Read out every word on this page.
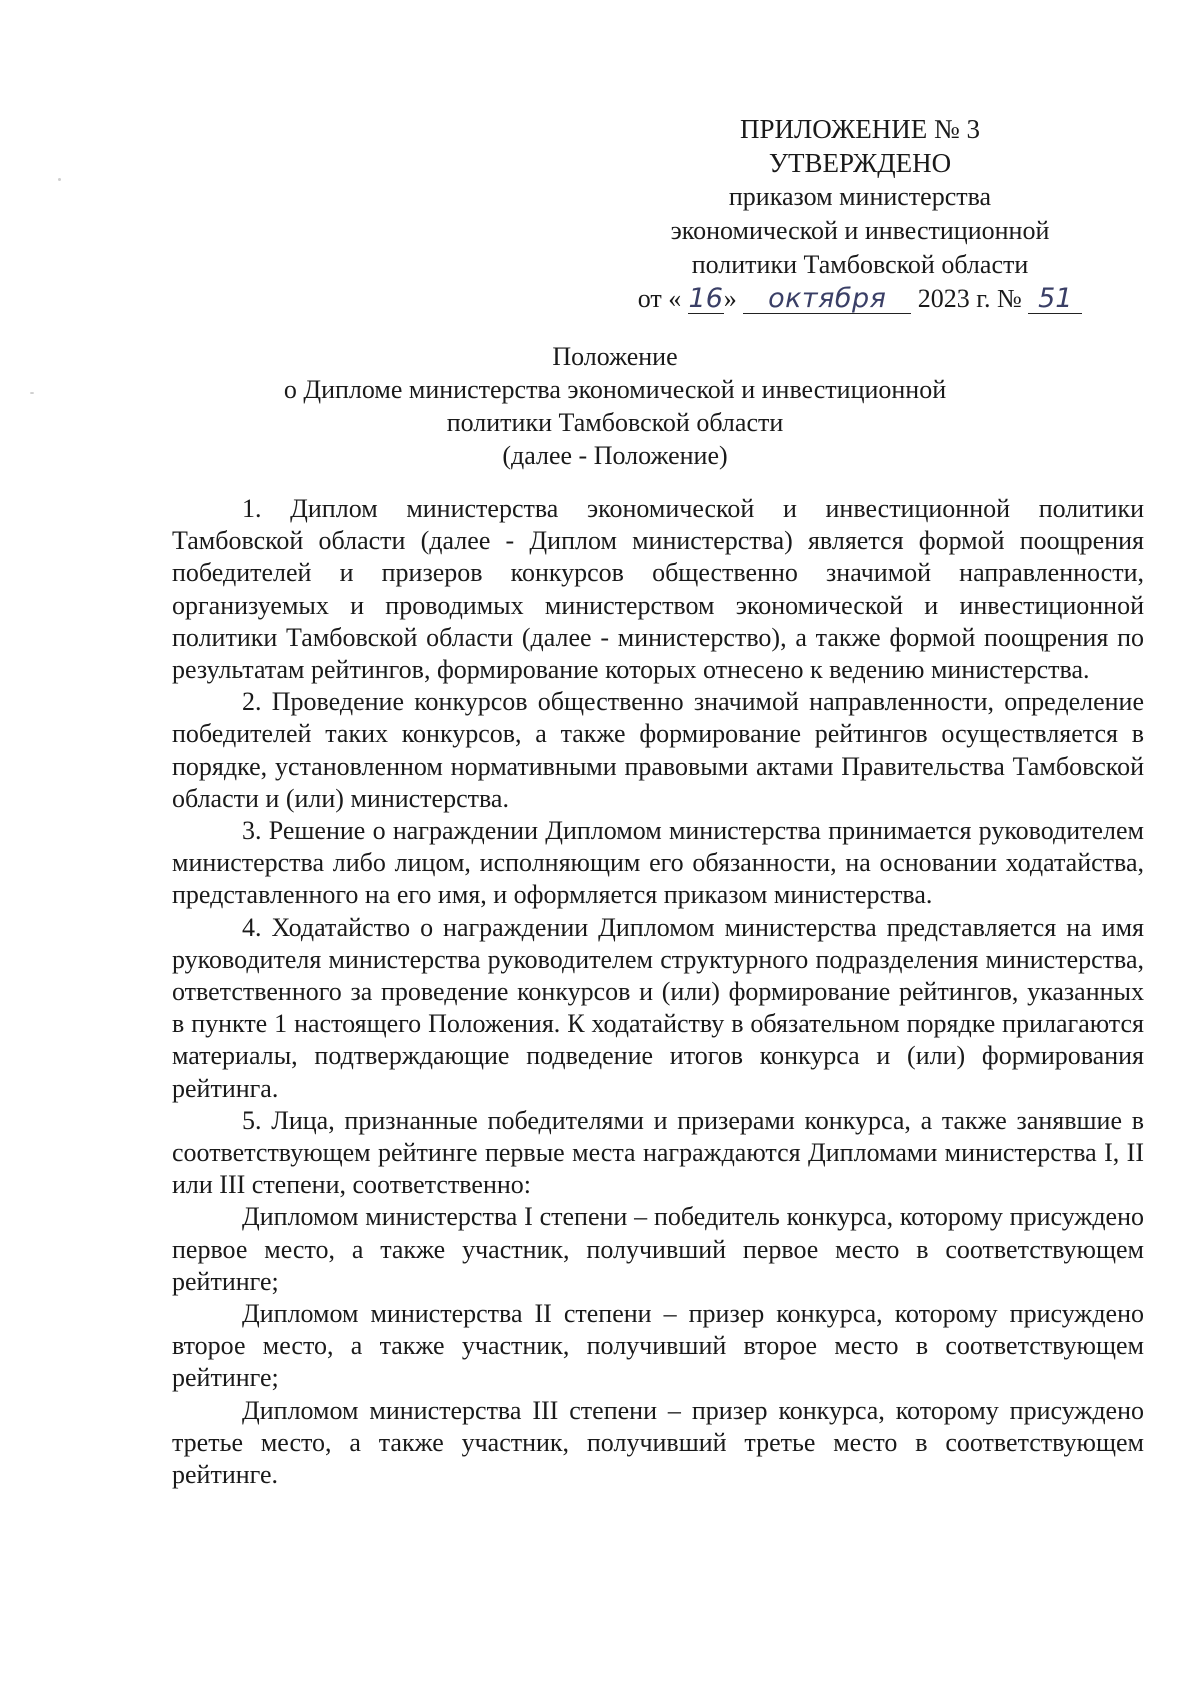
ПРИЛОЖЕНИЕ № 3
УТВЕРЖДЕНО
приказом министерства
экономической и инвестиционной
политики Тамбовской области
от « 16» октября 2023 г. № 51
Положение
о Дипломе министерства экономической и инвестиционной
политики Тамбовской области
(далее - Положение)

1. Диплом министерства экономической и инвестиционной политики Тамбовской области (далее - Диплом министерства) является формой поощрения победителей и призеров конкурсов общественно значимой направленности, организуемых и проводимых министерством экономической и инвестиционной политики Тамбовской области (далее - министерство), а также формой поощрения по результатам рейтингов, формирование которых отнесено к ведению министерства.

2. Проведение конкурсов общественно значимой направленности, определение победителей таких конкурсов, а также формирование рейтингов осуществляется в порядке, установленном нормативными правовыми актами Правительства Тамбовской области и (или) министерства.

3. Решение о награждении Дипломом министерства принимается руководителем министерства либо лицом, исполняющим его обязанности, на основании ходатайства, представленного на его имя, и оформляется приказом министерства.

4. Ходатайство о награждении Дипломом министерства представляется на имя руководителя министерства руководителем структурного подразделения министерства, ответственного за проведение конкурсов и (или) формирование рейтингов, указанных в пункте 1 настоящего Положения. К ходатайству в обязательном порядке прилагаются материалы, подтверждающие подведение итогов конкурса и (или) формирования рейтинга.

5. Лица, признанные победителями и призерами конкурса, а также занявшие в соответствующем рейтинге первые места награждаются Дипломами министерства I, II или III степени, соответственно:

Дипломом министерства I степени – победитель конкурса, которому присуждено первое место, а также участник, получивший первое место в соответствующем рейтинге;

Дипломом министерства II степени – призер конкурса, которому присуждено второе место, а также участник, получивший второе место в соответствующем рейтинге;

Дипломом министерства III степени – призер конкурса, которому присуждено третье место, а также участник, получивший третье место в соответствующем рейтинге.
